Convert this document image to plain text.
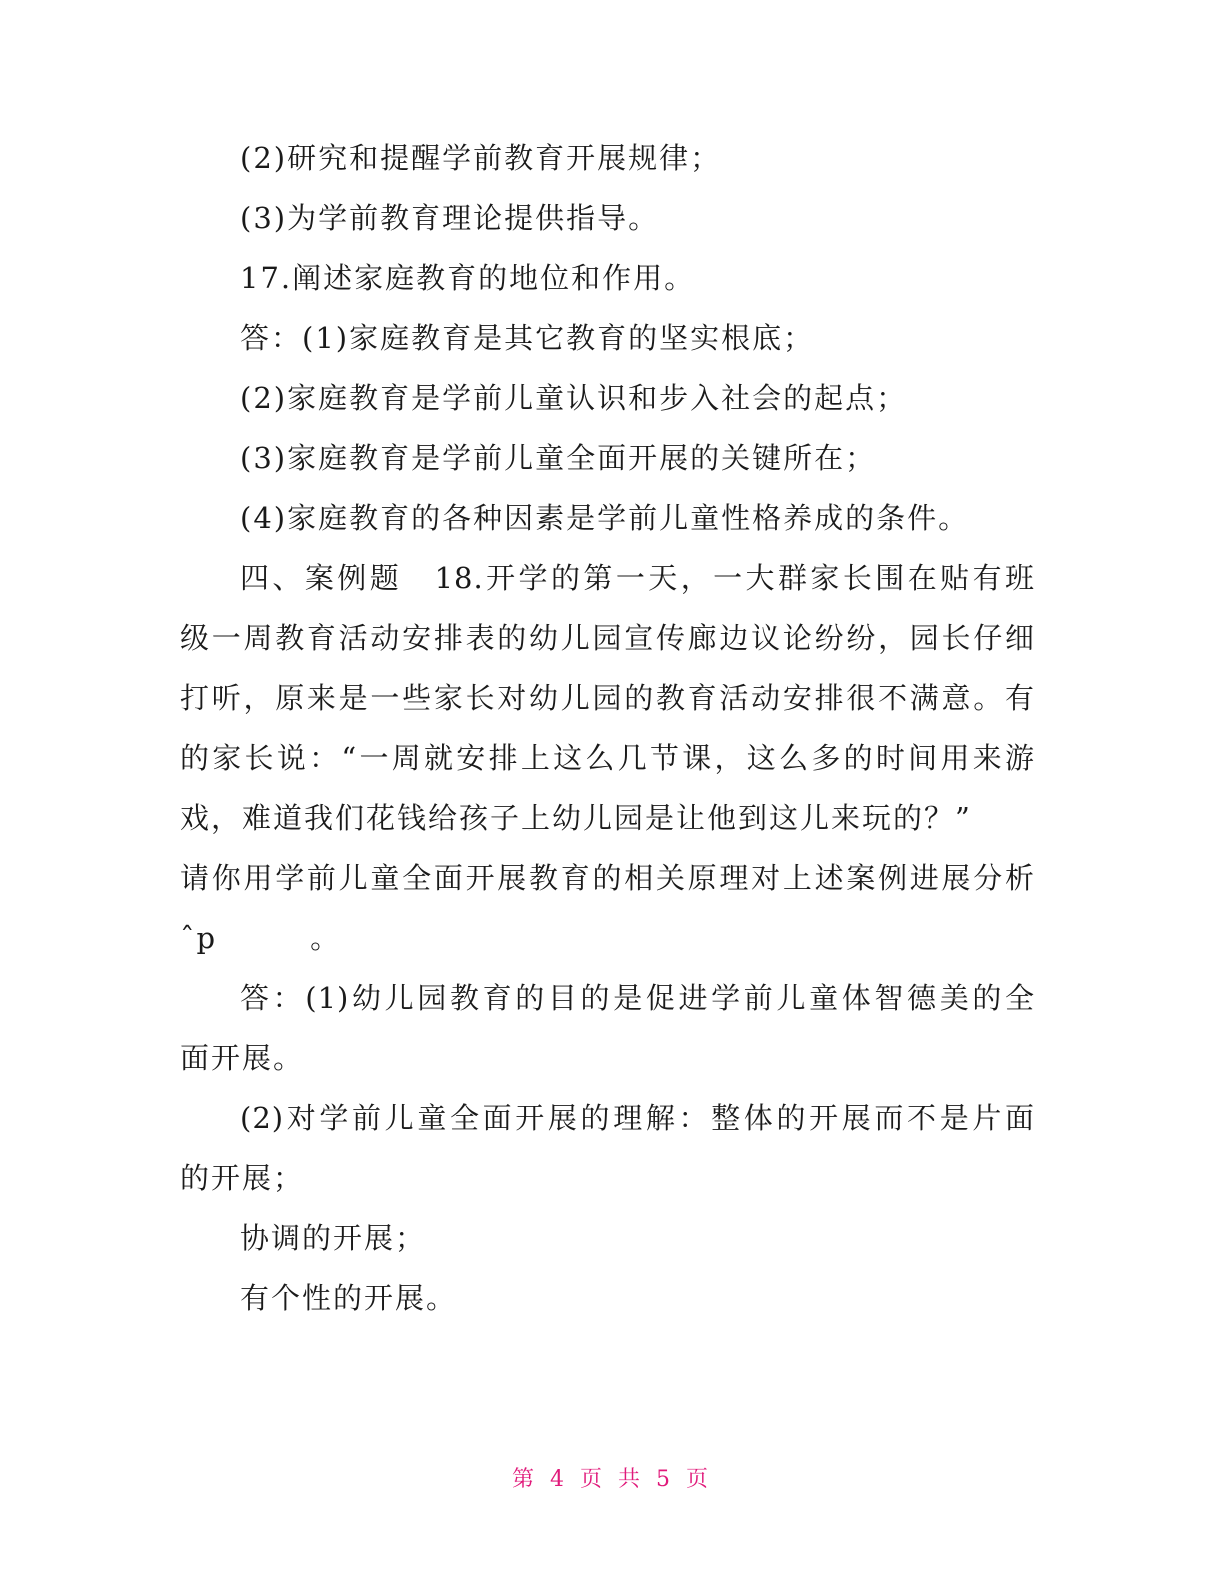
(2)研究和提醒学前教育开展规律；
(3)为学前教育理论提供指导。
17.阐述家庭教育的地位和作用。
答：(1)家庭教育是其它教育的坚实根底；
(2)家庭教育是学前儿童认识和步入社会的起点；
(3)家庭教育是学前儿童全面开展的关键所在；
(4)家庭教育的各种因素是学前儿童性格养成的条件。
四、案例题　18.开学的第一天，一大群家长围在贴有班
级一周教育活动安排表的幼儿园宣传廊边议论纷纷，园长仔细
打听，原来是一些家长对幼儿园的教育活动安排很不满意。有
的家长说：“一周就安排上这么几节课，这么多的时间用来游
戏，难道我们花钱给孩子上幼儿园是让他到这儿来玩的？”
请你用学前儿童全面开展教育的相关原理对上述案例进展分析
ˆp　　　。
答：(1)幼儿园教育的目的是促进学前儿童体智德美的全
面开展。
(2)对学前儿童全面开展的理解：整体的开展而不是片面
的开展；
协调的开展；
有个性的开展。
第 4 页 共 5 页
